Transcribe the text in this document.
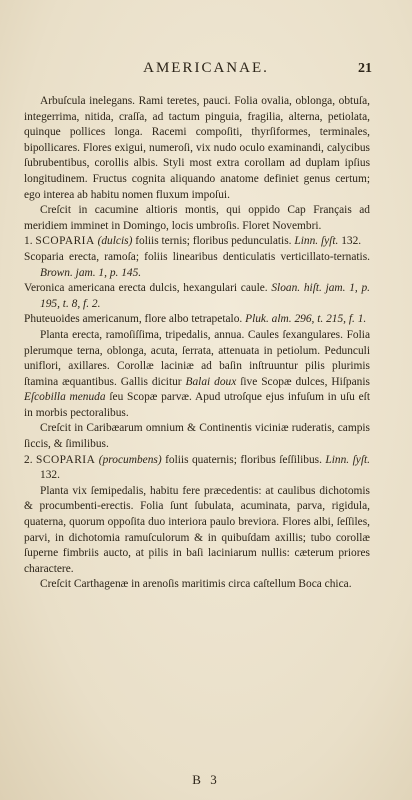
AMERICANAE.	21

Arbuſcula inelegans. Rami teretes, pauci. Folia ovalia, oblonga, obtuſa, integerrima, nitida, craſſa, ad tactum pinguia, fragilia, alterna, petiolata, quinque pollices longa. Racemi compoſiti, thyrſiformes, terminales, bipollicares. Flores exigui, numeroſi, vix nudo oculo examinandi, calycibus ſubrubentibus, corollis albis. Styli most extra corollam ad duplam ipſius longitudinem. Fructus cognita aliquando anatome definiet genus certum; ego interea ab habitu nomen fluxum impoſui.

Creſcit in cacumine altioris montis, qui oppido Cap Français ad meridiem imminet in Domingo, locis umbroſis. Floret Novembri.

1. SCOPARIA (dulcis) foliis ternis; floribus pedunculatis. Linn. ſyſt. 132.

Scoparia erecta, ramoſa; foliis linearibus denticulatis verticillato-ternatis. Brown. jam. 1, p. 145.

Veronica americana erecta dulcis, hexangulari caule. Sloan. hiſt. jam. 1, p. 195, t. 8, f. 2.

Phuteuoides americanum, flore albo tetrapetalo. Pluk. alm. 296, t. 215, f. 1.

Planta erecta, ramoſiſſima, tripedalis, annua. Caules ſexangulares. Folia plerumque terna, oblonga, acuta, ſerrata, attenuata in petiolum. Pedunculi uniflori, axillares. Corollæ laciniæ ad baſin inſtruuntur pilis plurimis ſtamina æquantibus. Gallis dicitur Balai doux ſive Scopæ dulces, Hiſpanis Eſcobilla menuda ſeu Scopæ parvæ. Apud utroſque ejus infuſum in uſu eſt in morbis pectoralibus.

Creſcit in Caribæarum omnium & Continentis viciniæ ruderatis, campis ſiccis, & ſimilibus.

2. SCOPARIA (procumbens) foliis quaternis; floribus ſeſſilibus. Linn. ſyſt. 132.

Planta vix ſemipedalis, habitu fere præcedentis: at caulibus dichotomis & procumbenti-erectis. Folia ſunt ſubulata, acuminata, parva, rigidula, quaterna, quorum oppoſita duo interiora paulo breviora. Flores albi, ſeſſiles, parvi, in dichotomia ramuſculorum & in quibuſdam axillis; tubo corollæ ſuperne fimbriis aucto, at pilis in baſi laciniarum nullis: cæterum priores charactere.

Creſcit Carthagenæ in arenoſis maritimis circa caſtellum Boca chica.

B 3
